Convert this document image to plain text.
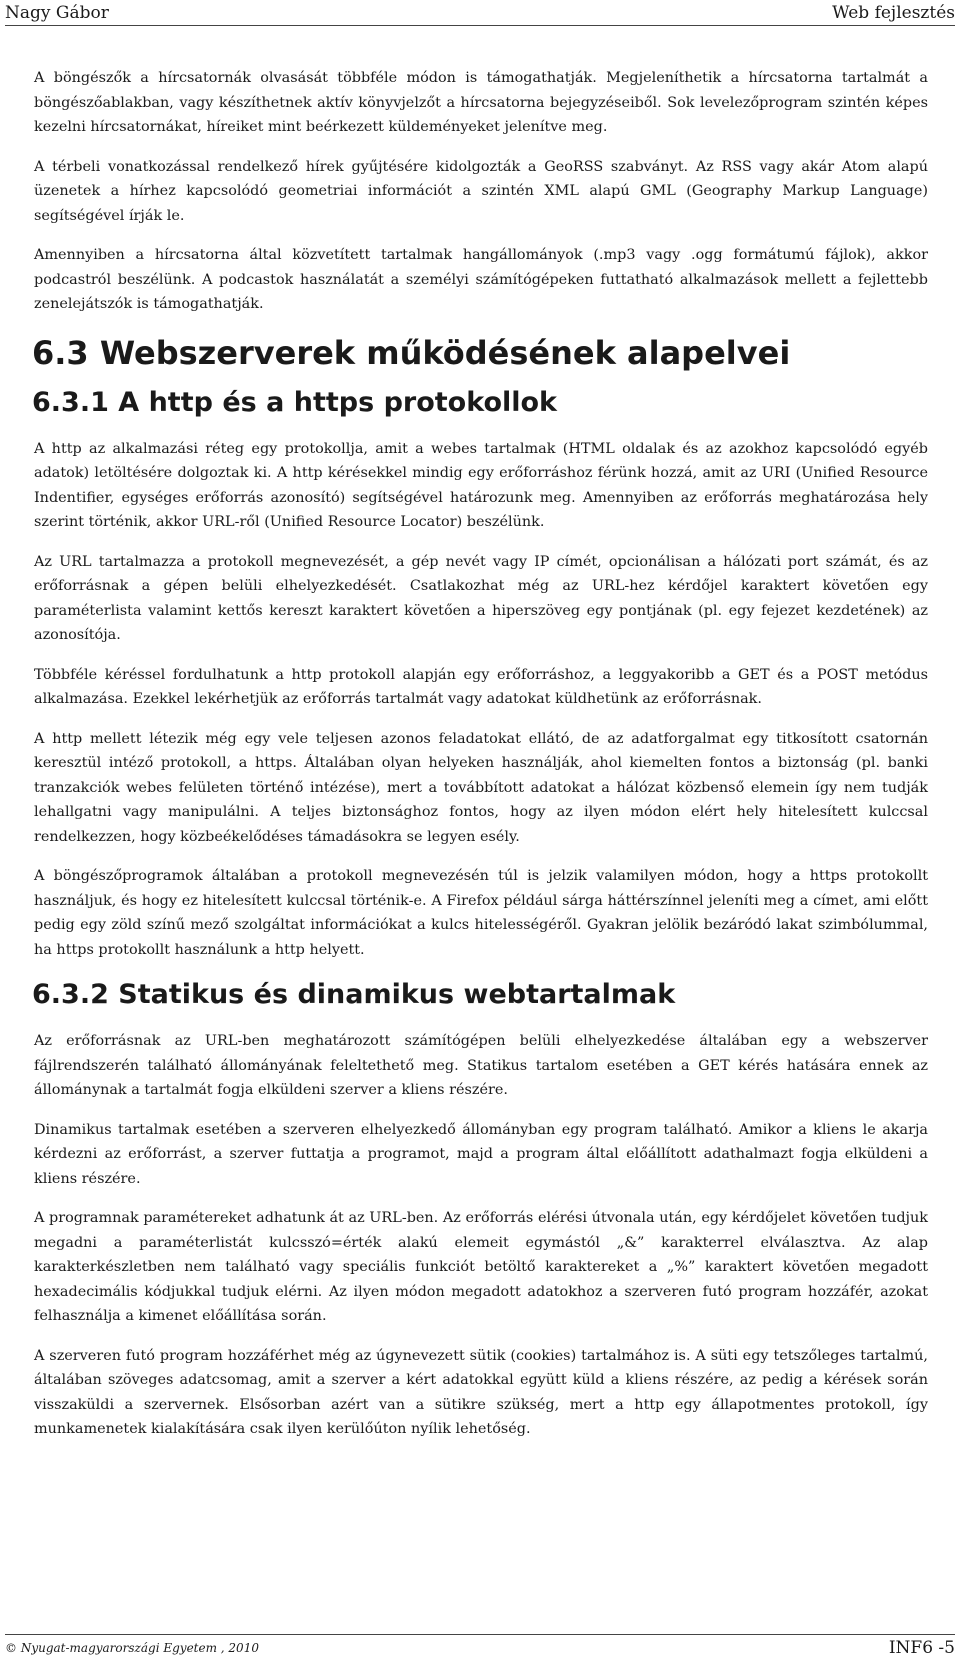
Nagy Gábor	Web fejlesztés

A böngészők a hírcsatornák olvasását többféle módon is támogathatják. Megjeleníthetik a hírcsatorna tartalmát a böngészőablakban, vagy készíthetnek aktív könyvjelzőt a hírcsatorna bejegyzéseiből. Sok levelezőprogram szintén képes kezelni hírcsatornákat, híreiket mint beérkezett küldeményeket jelenítve meg.

A térbeli vonatkozással rendelkező hírek gyűjtésére kidolgozták a GeoRSS szabványt. Az RSS vagy akár Atom alapú üzenetek a hírhez kapcsolódó geometriai információt a szintén XML alapú GML (Geography Markup Language) segítségével írják le.

Amennyiben a hírcsatorna által közvetített tartalmak hangállományok (.mp3 vagy .ogg formátumú fájlok), akkor podcastról beszélünk. A podcastok használatát a személyi számítógépeken futtatható alkalmazások mellett a fejlettebb zenelejátszók is támogathatják.

6.3 Webszerverek működésének alapelvei
6.3.1 A http és a https protokollok

A http az alkalmazási réteg egy protokollja, amit a webes tartalmak (HTML oldalak és az azokhoz kapcsolódó egyéb adatok) letöltésére dolgoztak ki. A http kérésekkel mindig egy erőforráshoz férünk hozzá, amit az URI (Unified Resource Indentifier, egységes erőforrás azonosító) segítségével határozunk meg. Amennyiben az erőforrás meghatározása hely szerint történik, akkor URL-ről (Unified Resource Locator) beszélünk.

Az URL tartalmazza a protokoll megnevezését, a gép nevét vagy IP címét, opcionálisan a hálózati port számát, és az erőforrásnak a gépen belüli elhelyezkedését. Csatlakozhat még az URL-hez kérdőjel karaktert követően egy paraméterlista valamint kettős kereszt karaktert követően a hiperszöveg egy pontjának (pl. egy fejezet kezdetének) az azonosítója.

Többféle kéréssel fordulhatunk a http protokoll alapján egy erőforráshoz, a leggyakoribb a GET és a POST metódus alkalmazása. Ezekkel lekérhetjük az erőforrás tartalmát vagy adatokat küldhetünk az erőforrásnak.

A http mellett létezik még egy vele teljesen azonos feladatokat ellátó, de az adatforgalmat egy titkosított csatornán keresztül intéző protokoll, a https. Általában olyan helyeken használják, ahol kiemelten fontos a biztonság (pl. banki tranzakciók webes felületen történő intézése), mert a továbbított adatokat a hálózat közbenső elemein így nem tudják lehallgatni vagy manipulálni. A teljes biztonsághoz fontos, hogy az ilyen módon elért hely hitelesített kulccsal rendelkezzen, hogy közbeékelődéses támadásokra se legyen esély.

A böngészőprogramok általában a protokoll megnevezésén túl is jelzik valamilyen módon, hogy a https protokollt használjuk, és hogy ez hitelesített kulccsal történik-e. A Firefox például sárga háttérszínnel jeleníti meg a címet, ami előtt pedig egy zöld színű mező szolgáltat információkat a kulcs hitelességéről. Gyakran jelölik bezáródó lakat szimbólummal, ha https protokollt használunk a http helyett.

6.3.2 Statikus és dinamikus webtartalmak

Az erőforrásnak az URL-ben meghatározott számítógépen belüli elhelyezkedése általában egy a webszerver fájlrendszerén található állományának feleltethető meg. Statikus tartalom esetében a GET kérés hatására ennek az állománynak a tartalmát fogja elküldeni szerver a kliens részére.

Dinamikus tartalmak esetében a szerveren elhelyezkedő állományban egy program található. Amikor a kliens le akarja kérdezni az erőforrást, a szerver futtatja a programot, majd a program által előállított adathalmazt fogja elküldeni a kliens részére.

A programnak paramétereket adhatunk át az URL-ben. Az erőforrás elérési útvonala után, egy kérdőjelet követően tudjuk megadni a paraméterlistát kulcsszó=érték alakú elemeit egymástól „&” karakterrel elválasztva. Az alap karakterkészletben nem található vagy speciális funkciót betöltő karaktereket a „%” karaktert követően megadott hexadecimális kódjukkal tudjuk elérni. Az ilyen módon megadott adatokhoz a szerveren futó program hozzáfér, azokat felhasználja a kimenet előállítása során.

A szerveren futó program hozzáférhet még az úgynevezett sütik (cookies) tartalmához is. A süti egy tetszőleges tartalmú, általában szöveges adatcsomag, amit a szerver a kért adatokkal együtt küld a kliens részére, az pedig a kérések során visszaküldi a szervernek. Elsősorban azért van a sütikre szükség, mert a http egy állapotmentes protokoll, így munkamenetek kialakítására csak ilyen kerülőúton nyílik lehetőség.

© Nyugat-magyarországi Egyetem , 2010	INF6 -5
